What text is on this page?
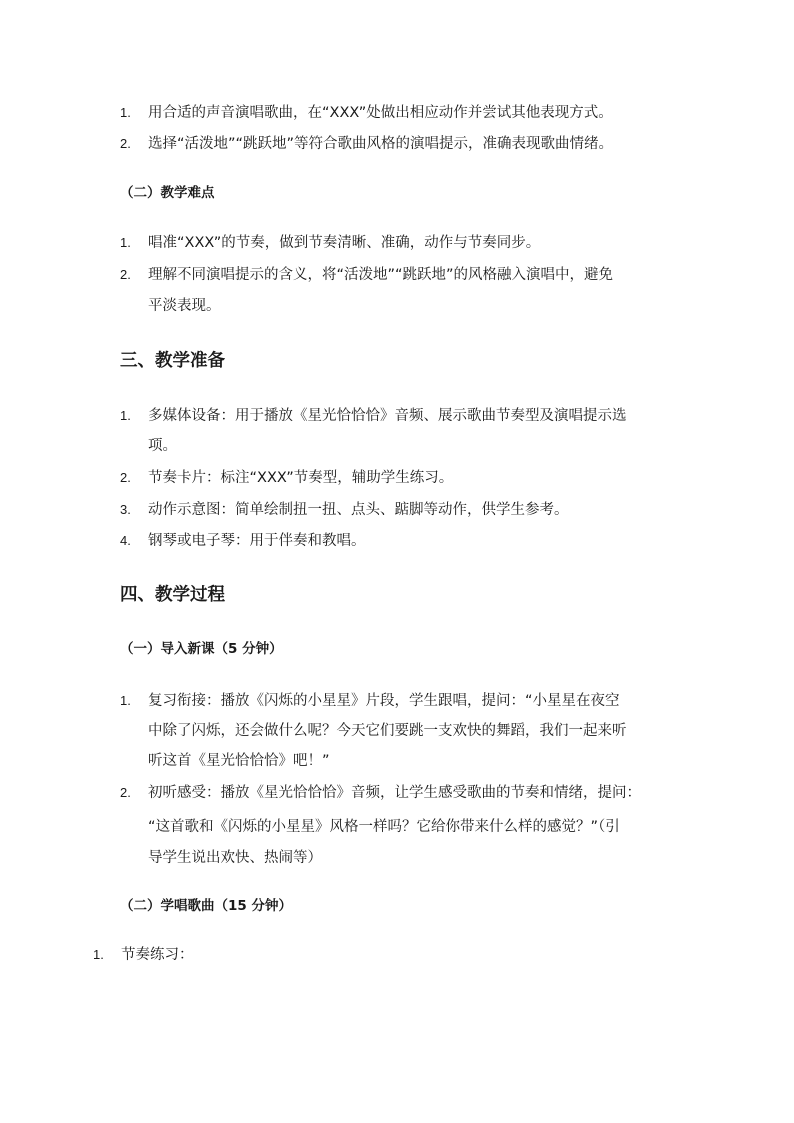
1. 用合适的声音演唱歌曲，在“XXX”处做出相应动作并尝试其他表现方式。
2. 选择“活泼地”“跳跃地”等符合歌曲风格的演唱提示，准确表现歌曲情绪。
（二）教学难点
1. 唱准“XXX”的节奏，做到节奏清晰、准确，动作与节奏同步。
2. 理解不同演唱提示的含义，将“活泼地”“跳跃地”的风格融入演唱中，避免
平淡表现。
三、教学准备
1. 多媒体设备：用于播放《星光恰恰恰》音频、展示歌曲节奏型及演唱提示选
项。
2. 节奏卡片：标注“XXX”节奏型，辅助学生练习。
3. 动作示意图：简单绘制扭一扭、点头、踮脚等动作，供学生参考。
4. 钢琴或电子琴：用于伴奏和教唱。
四、教学过程
（一）导入新课（5 分钟）
1. 复习衔接：播放《闪烁的小星星》片段，学生跟唱，提问：“小星星在夜空
中除了闪烁，还会做什么呢？今天它们要跳一支欢快的舞蹈，我们一起来听
听这首《星光恰恰恰》吧！”
2. 初听感受：播放《星光恰恰恰》音频，让学生感受歌曲的节奏和情绪，提问：
“这首歌和《闪烁的小星星》风格一样吗？它给你带来什么样的感觉？”（引
导学生说出欢快、热闹等）
（二）学唱歌曲（15 分钟）
1. 节奏练习：
